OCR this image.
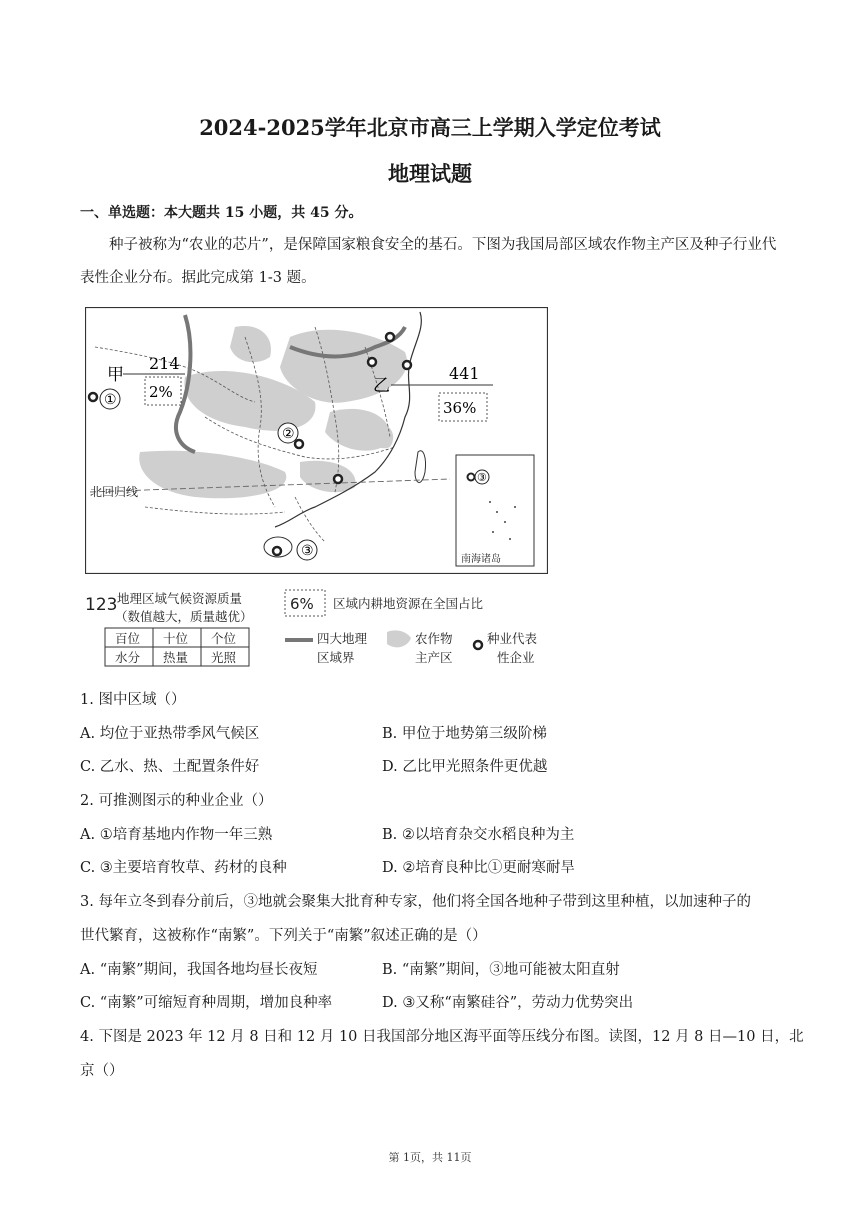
2024-2025学年北京市高三上学期入学定位考试
地理试题
一、单选题：本大题共 15 小题，共 45 分。
种子被称为“农业的芯片”，是保障国家粮食安全的基石。下图为我国局部区域农作物主产区及种子行业代表性企业分布。据此完成第 1-3 题。
北回归线
③
南海诸岛
甲
214
2%	乙
441
36%
①
②
③
123 地理区域气候资源质量
（数值越大，质量越优）
百位 十位 个位
水分 热量 光照
6% 区域内耕地资源在全国占比
四大地理
区域界
农作物
主产区
种业代表
性企业
1. 图中区域（）
A. 均位于亚热带季风气候区	B. 甲位于地势第三级阶梯
C. 乙水、热、土配置条件好	D. 乙比甲光照条件更优越
2. 可推测图示的种业企业（）
A. ①培育基地内作物一年三熟	B. ②以培育杂交水稻良种为主
C. ③主要培育牧草、药材的良种	D. ②培育良种比①更耐寒耐旱
3. 每年立冬到春分前后，③地就会聚集大批育种专家，他们将全国各地种子带到这里种植，以加速种子的
世代繁育，这被称作“南繁”。下列关于“南繁”叙述正确的是（）
A. “南繁”期间，我国各地均昼长夜短	B. “南繁”期间，③地可能被太阳直射
C. “南繁”可缩短育种周期，增加良种率	D. ③又称“南繁硅谷”，劳动力优势突出
4. 下图是 2023 年 12 月 8 日和 12 月 10 日我国部分地区海平面等压线分布图。读图，12 月 8 日—10 日，北
京（）
第 1页，共 11页
